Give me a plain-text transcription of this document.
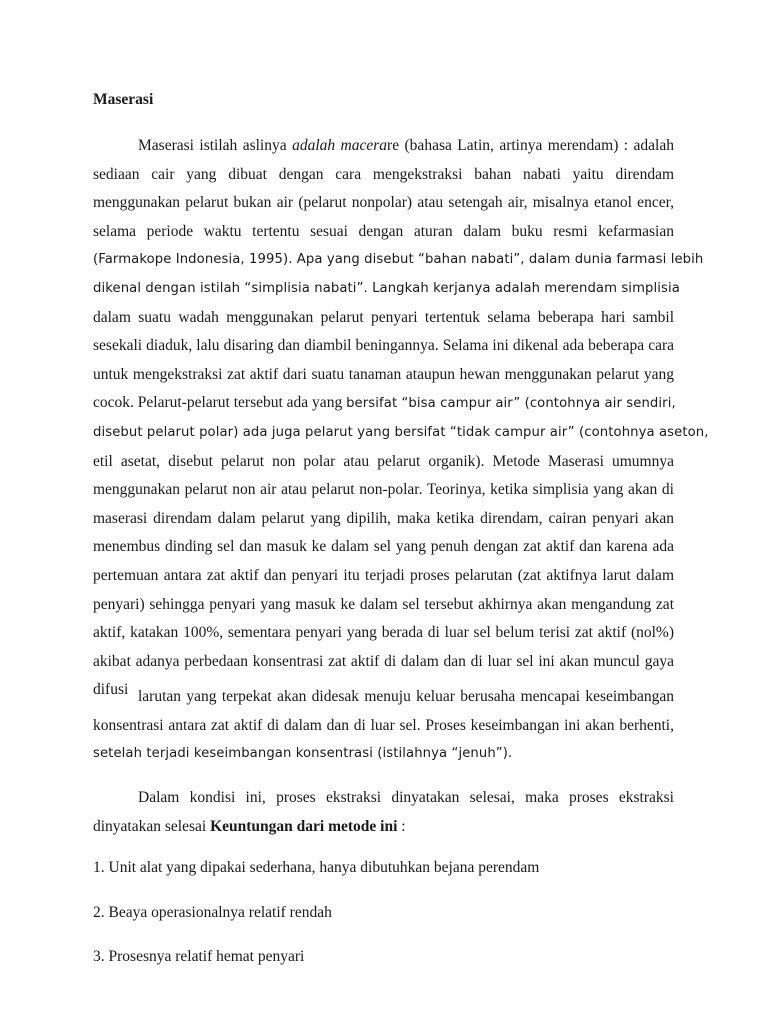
Maserasi
Maserasi istilah aslinya adalah macerare (bahasa Latin, artinya merendam) : adalah
sediaan cair yang dibuat dengan cara mengekstraksi bahan nabati yaitu direndam
menggunakan pelarut bukan air (pelarut nonpolar) atau setengah air, misalnya etanol encer,
selama periode waktu tertentu sesuai dengan aturan dalam buku resmi kefarmasian
(Farmakope Indonesia, 1995). Apa yang disebut “bahan nabati”, dalam dunia farmasi lebih
dikenal dengan istilah “simplisia nabati”. Langkah kerjanya adalah merendam simplisia
dalam suatu wadah menggunakan pelarut penyari tertentuk selama beberapa hari sambil
sesekali diaduk, lalu disaring dan diambil beningannya. Selama ini dikenal ada beberapa cara
untuk mengekstraksi zat aktif dari suatu tanaman ataupun hewan menggunakan pelarut yang
cocok. Pelarut-pelarut tersebut ada yang bersifat “bisa campur air” (contohnya air sendiri,
disebut pelarut polar) ada juga pelarut yang bersifat “tidak campur air” (contohnya aseton,
etil asetat, disebut pelarut non polar atau pelarut organik). Metode Maserasi umumnya
menggunakan pelarut non air atau pelarut non-polar. Teorinya, ketika simplisia yang akan di
maserasi direndam dalam pelarut yang dipilih, maka ketika direndam, cairan penyari akan
menembus dinding sel dan masuk ke dalam sel yang penuh dengan zat aktif dan karena ada
pertemuan antara zat aktif dan penyari itu terjadi proses pelarutan (zat aktifnya larut dalam
penyari) sehingga penyari yang masuk ke dalam sel tersebut akhirnya akan mengandung zat
aktif, katakan 100%, sementara penyari yang berada di luar sel belum terisi zat aktif (nol%)
akibat adanya perbedaan konsentrasi zat aktif di dalam dan di luar sel ini akan muncul gaya
difusi larutan yang terpekat akan didesak menuju keluar berusaha mencapai keseimbangan
konsentrasi antara zat aktif di dalam dan di luar sel. Proses keseimbangan ini akan berhenti,
setelah terjadi keseimbangan konsentrasi (istilahnya “jenuh”).
Dalam kondisi ini, proses ekstraksi dinyatakan selesai, maka proses ekstraksi
dinyatakan selesai Keuntungan dari metode ini :

1. Unit alat yang dipakai sederhana, hanya dibutuhkan bejana perendam

2. Beaya operasionalnya relatif rendah

3. Prosesnya relatif hemat penyari
